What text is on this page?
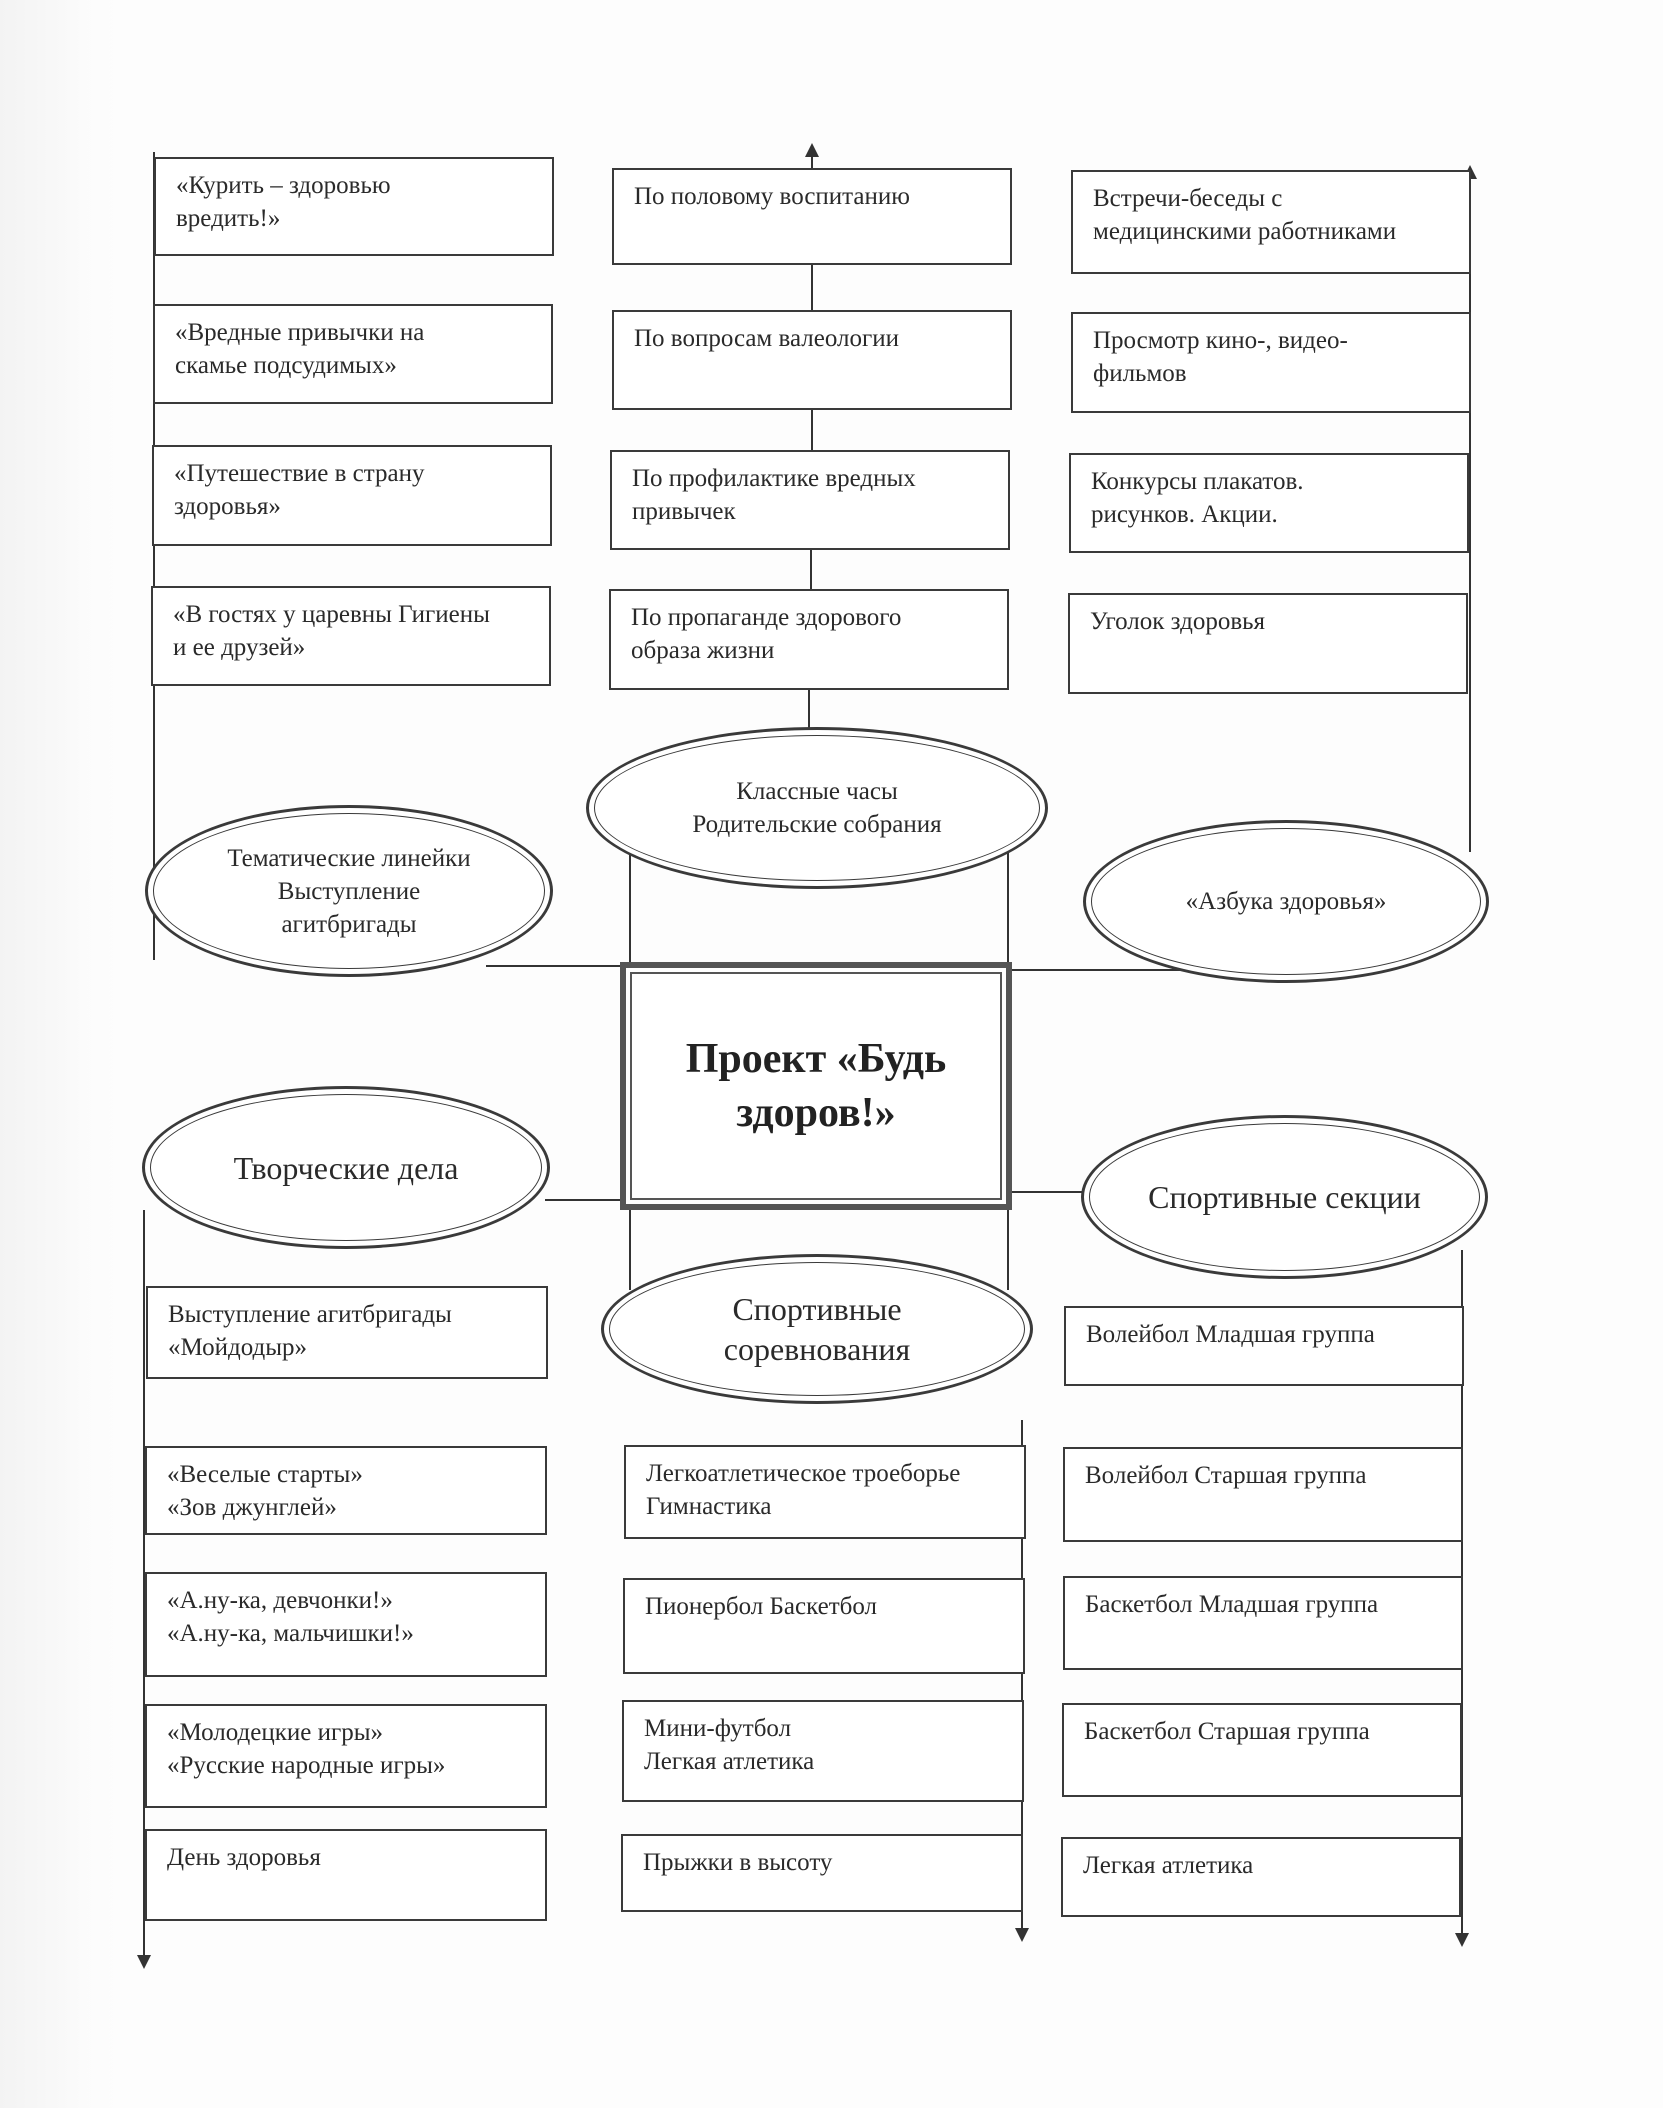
«Курить – здоровью
вредить!»
«Вредные привычки на
скамье подсудимых»
«Путешествие в страну
здоровья»
«В гостях у царевны Гигиены
и ее друзей»
По половому воспитанию
По вопросам валеологии
По профилактике вредных
привычек
По пропаганде здорового
образа жизни
Встречи-беседы с
медицинскими работниками
Просмотр кино-, видео-
фильмов
Конкурсы плакатов.
рисунков. Акции.
Уголок здоровья
Классные часы
Родительские собрания
Тематические линейки
Выступление
агитбригады
«Азбука здоровья»
Творческие дела
Спортивные секции
Спортивные
соревнования
Проект «Будь
здоров!»
Выступление агитбригады
«Мойдодыр»
«Веселые старты»
«Зов джунглей»
«А.ну-ка, девчонки!»
«А.ну-ка, мальчишки!»
«Молодецкие игры»
«Русские народные игры»
День здоровья
Легкоатлетическое троеборье
Гимнастика
Пионербол Баскетбол
Мини-футбол
Легкая атлетика
Прыжки в высоту
Волейбол Младшая группа
Волейбол Старшая группа
Баскетбол Младшая группа
Баскетбол Старшая группа
Легкая атлетика
